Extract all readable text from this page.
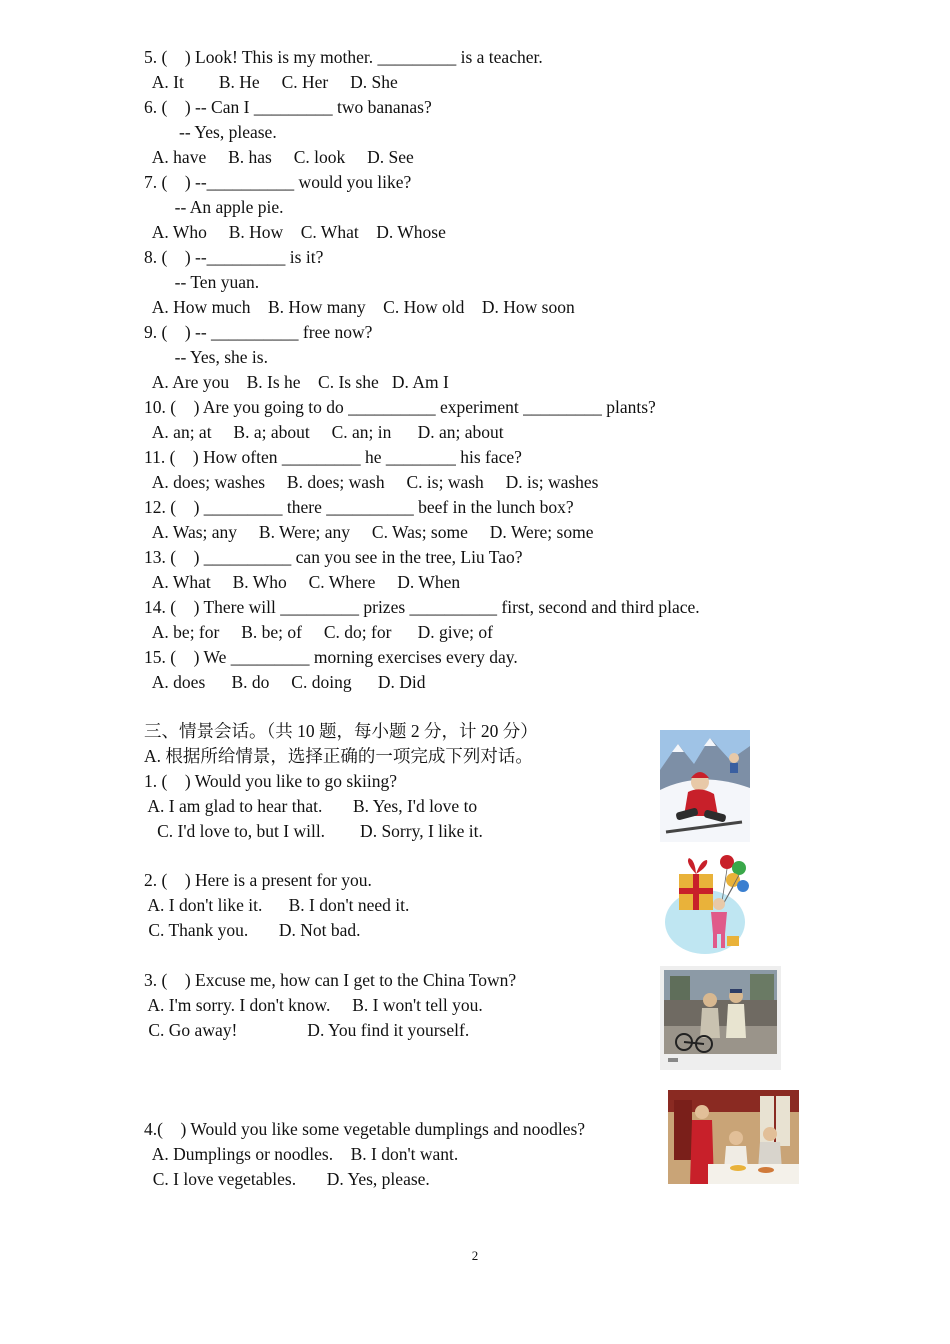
5. (    ) Look! This is my mother. _________ is a teacher.
A. It        B. He     C. Her     D. She
6. (    ) -- Can I _________ two bananas?
-- Yes, please.
A. have     B. has     C. look     D. See
7. (    ) --__________ would you like?
-- An apple pie.
A. Who     B. How    C. What    D. Whose
8. (    ) --_________ is it?
-- Ten yuan.
A. How much    B. How many    C. How old    D. How soon
9. (    ) -- __________ free now?
-- Yes, she is.
A. Are you    B. Is he    C. Is she   D. Am I
10. (    ) Are you going to do __________ experiment _________ plants?
A. an; at     B. a; about     C. an; in      D. an; about
11. (    ) How often _________ he ________ his face?
A. does; washes     B. does; wash     C. is; wash     D. is; washes
12. (    ) _________ there __________ beef in the lunch box?
A. Was; any     B. Were; any     C. Was; some     D. Were; some
13. (    ) __________ can you see in the tree, Liu Tao?
A. What     B. Who     C. Where     D. When
14. (    ) There will _________ prizes __________ first, second and third place.
A. be; for     B. be; of     C. do; for      D. give; of
15. (    ) We _________ morning exercises every day.
A. does      B. do     C. doing      D. Did
三、情景会话。（共 10 题，每小题 2 分，计 20 分）
A. 根据所给情景，选择正确的一项完成下列对话。
1. (    ) Would you like to go skiing?
A. I am glad to hear that.       B. Yes, I'd love to
C. I'd love to, but I will.        D. Sorry, I like it.
2. (    ) Here is a present for you.
A. I don't like it.      B. I don't need it.
C. Thank you.       D. Not bad.
3. (    ) Excuse me, how can I get to the China Town?
A. I'm sorry. I don't know.     B. I won't tell you.
C. Go away!                D. You find it yourself.
4.(    ) Would you like some vegetable dumplings and noodles?
A. Dumplings or noodles.    B. I don't want.
C. I love vegetables.       D. Yes, please.
2
